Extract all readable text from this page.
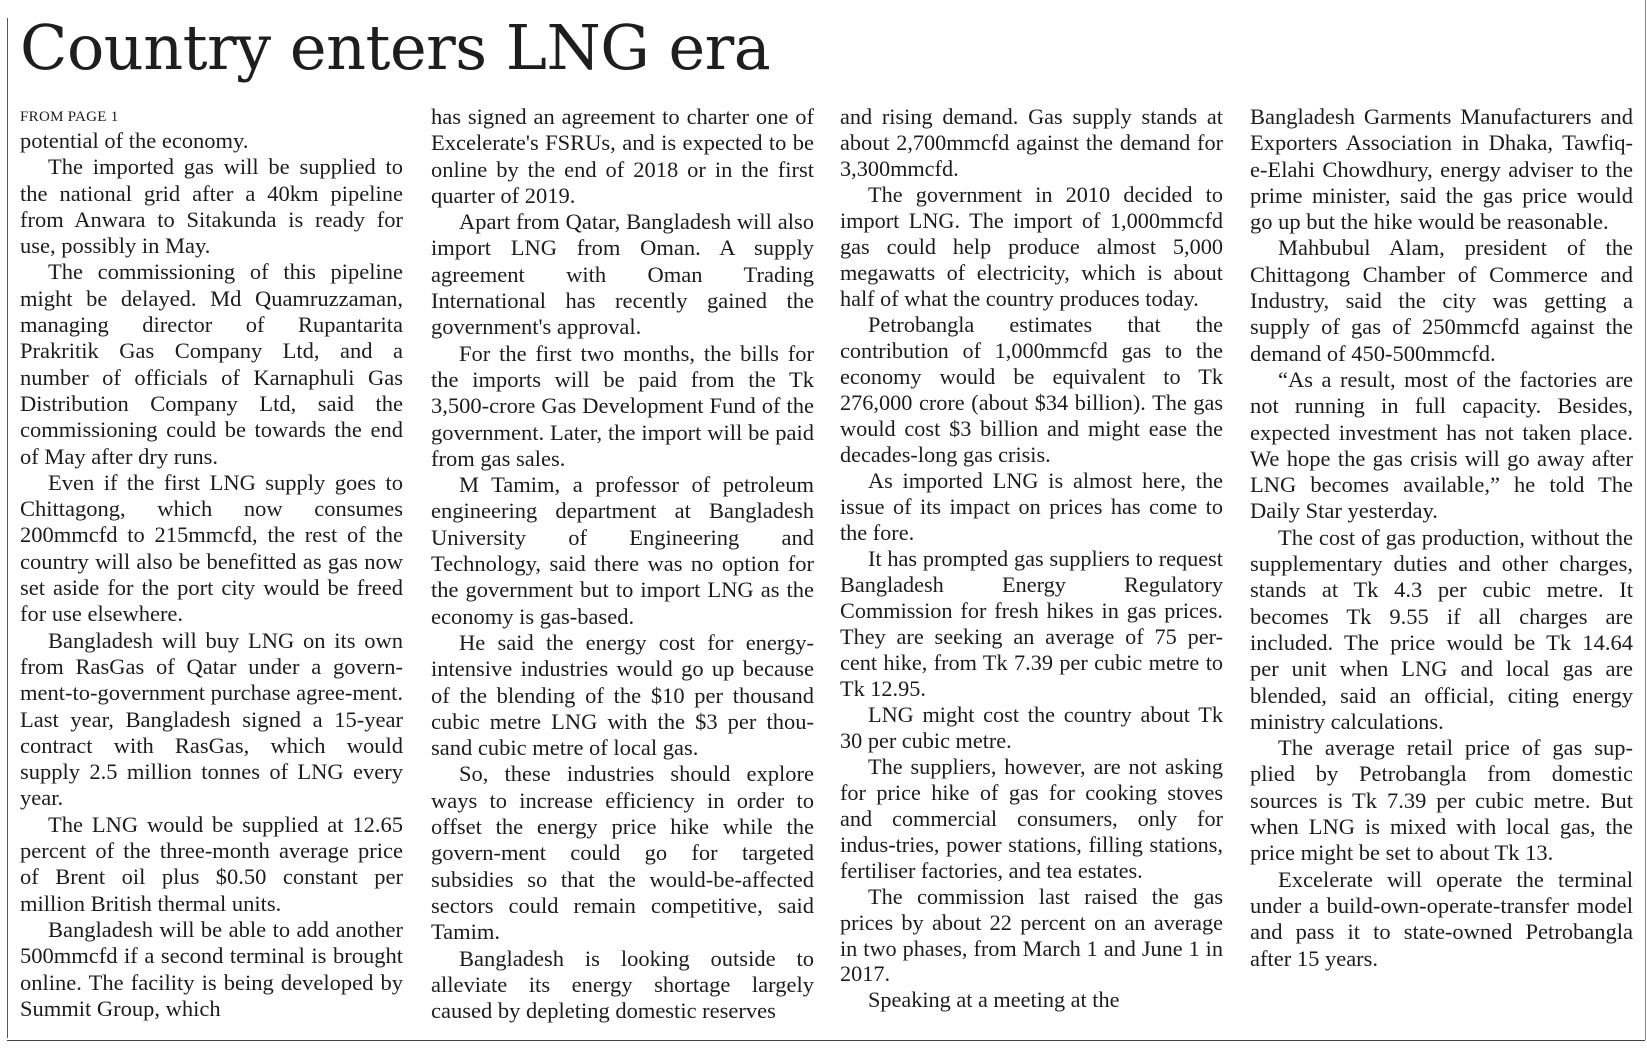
Country enters LNG era
FROM PAGE 1

potential of the economy.

The imported gas will be supplied to the national grid after a 40km pipeline from Anwara to Sitakunda is ready for use, possibly in May.

The commissioning of this pipeline might be delayed. Md Quamruzzaman, managing director of Rupantarita Prakritik Gas Company Ltd, and a number of officials of Karnaphuli Gas Distribution Company Ltd, said the commissioning could be towards the end of May after dry runs.

Even if the first LNG supply goes to Chittagong, which now consumes 200mmcfd to 215mmcfd, the rest of the country will also be benefitted as gas now set aside for the port city would be freed for use elsewhere.

Bangladesh will buy LNG on its own from RasGas of Qatar under a govern-ment-to-government purchase agree-ment. Last year, Bangladesh signed a 15-year contract with RasGas, which would supply 2.5 million tonnes of LNG every year.

The LNG would be supplied at 12.65 percent of the three-month average price of Brent oil plus $0.50 constant per million British thermal units.

Bangladesh will be able to add another 500mmcfd if a second terminal is brought online. The facility is being developed by Summit Group, which

has signed an agreement to charter one of Excelerate's FSRUs, and is expected to be online by the end of 2018 or in the first quarter of 2019.

Apart from Qatar, Bangladesh will also import LNG from Oman. A supply agreement with Oman Trading International has recently gained the government's approval.

For the first two months, the bills for the imports will be paid from the Tk 3,500-crore Gas Development Fund of the government. Later, the import will be paid from gas sales.

M Tamim, a professor of petroleum engineering department at Bangladesh University of Engineering and Technology, said there was no option for the government but to import LNG as the economy is gas-based.

He said the energy cost for energy-intensive industries would go up because of the blending of the $10 per thousand cubic metre LNG with the $3 per thou-sand cubic metre of local gas.

So, these industries should explore ways to increase efficiency in order to offset the energy price hike while the govern-ment could go for targeted subsidies so that the would-be-affected sectors could remain competitive, said Tamim.

Bangladesh is looking outside to alleviate its energy shortage largely caused by depleting domestic reserves

and rising demand. Gas supply stands at about 2,700mmcfd against the demand for 3,300mmcfd.

The government in 2010 decided to import LNG. The import of 1,000mmcfd gas could help produce almost 5,000 megawatts of electricity, which is about half of what the country produces today.

Petrobangla estimates that the contribution of 1,000mmcfd gas to the economy would be equivalent to Tk 276,000 crore (about $34 billion). The gas would cost $3 billion and might ease the decades-long gas crisis.

As imported LNG is almost here, the issue of its impact on prices has come to the fore.

It has prompted gas suppliers to request Bangladesh Energy Regulatory Commission for fresh hikes in gas prices. They are seeking an average of 75 per-cent hike, from Tk 7.39 per cubic metre to Tk 12.95.

LNG might cost the country about Tk 30 per cubic metre.

The suppliers, however, are not asking for price hike of gas for cooking stoves and commercial consumers, only for indus-tries, power stations, filling stations, fertiliser factories, and tea estates.

The commission last raised the gas prices by about 22 percent on an average in two phases, from March 1 and June 1 in 2017.

Speaking at a meeting at the

Bangladesh Garments Manufacturers and Exporters Association in Dhaka, Tawfiq-e-Elahi Chowdhury, energy adviser to the prime minister, said the gas price would go up but the hike would be reasonable.

Mahbubul Alam, president of the Chittagong Chamber of Commerce and Industry, said the city was getting a supply of gas of 250mmcfd against the demand of 450-500mmcfd.

“As a result, most of the factories are not running in full capacity. Besides, expected investment has not taken place. We hope the gas crisis will go away after LNG becomes available,” he told The Daily Star yesterday.

The cost of gas production, without the supplementary duties and other charges, stands at Tk 4.3 per cubic metre. It becomes Tk 9.55 if all charges are included. The price would be Tk 14.64 per unit when LNG and local gas are blended, said an official, citing energy ministry calculations.

The average retail price of gas sup-plied by Petrobangla from domestic sources is Tk 7.39 per cubic metre. But when LNG is mixed with local gas, the price might be set to about Tk 13.

Excelerate will operate the terminal under a build-own-operate-transfer model and pass it to state-owned Petrobangla after 15 years.
